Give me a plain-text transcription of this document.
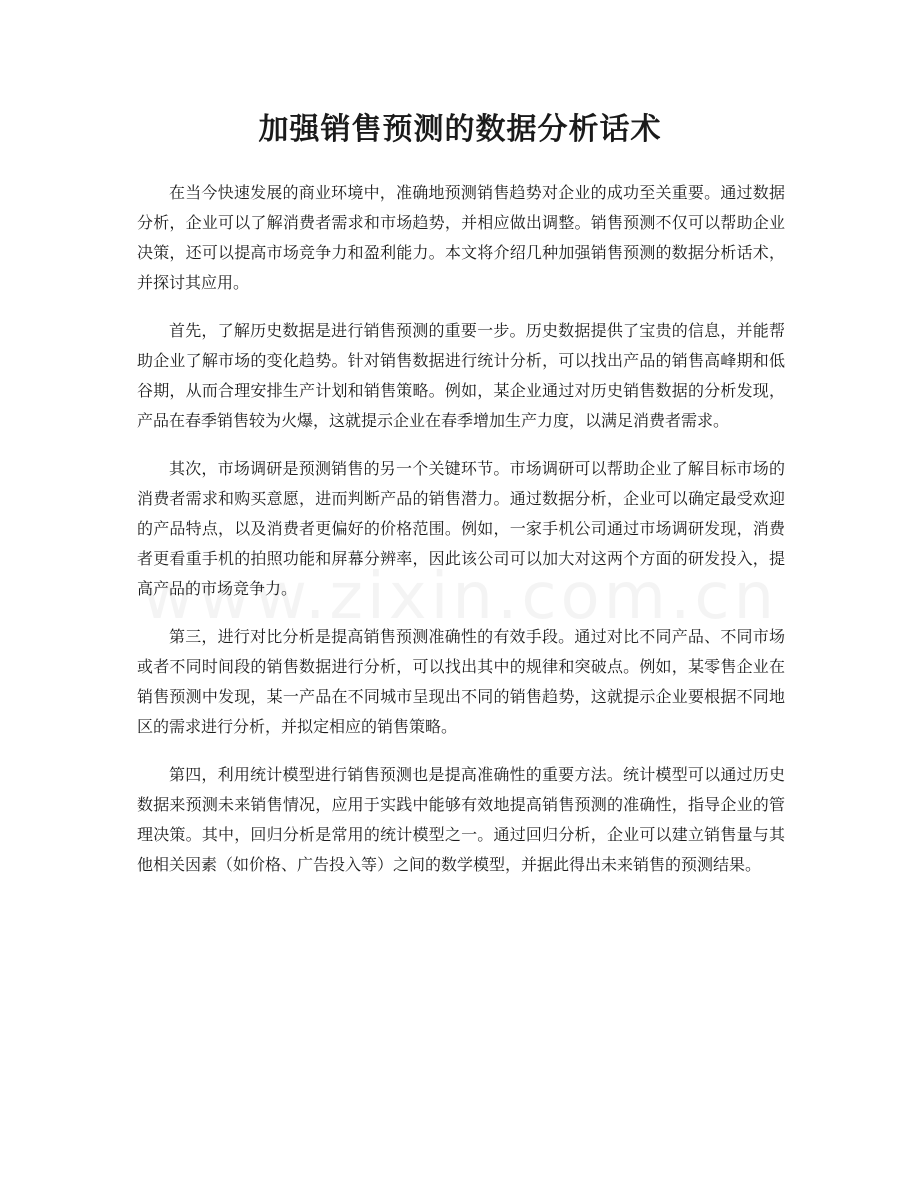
加强销售预测的数据分析话术

在当今快速发展的商业环境中，准确地预测销售趋势对企业的成功至关重要。通过数据分析，企业可以了解消费者需求和市场趋势，并相应做出调整。销售预测不仅可以帮助企业决策，还可以提高市场竞争力和盈利能力。本文将介绍几种加强销售预测的数据分析话术，并探讨其应用。

首先，了解历史数据是进行销售预测的重要一步。历史数据提供了宝贵的信息，并能帮助企业了解市场的变化趋势。针对销售数据进行统计分析，可以找出产品的销售高峰期和低谷期，从而合理安排生产计划和销售策略。例如，某企业通过对历史销售数据的分析发现，产品在春季销售较为火爆，这就提示企业在春季增加生产力度，以满足消费者需求。

其次，市场调研是预测销售的另一个关键环节。市场调研可以帮助企业了解目标市场的消费者需求和购买意愿，进而判断产品的销售潜力。通过数据分析，企业可以确定最受欢迎的产品特点，以及消费者更偏好的价格范围。例如，一家手机公司通过市场调研发现，消费者更看重手机的拍照功能和屏幕分辨率，因此该公司可以加大对这两个方面的研发投入，提高产品的市场竞争力。

第三，进行对比分析是提高销售预测准确性的有效手段。通过对比不同产品、不同市场或者不同时间段的销售数据进行分析，可以找出其中的规律和突破点。例如，某零售企业在销售预测中发现，某一产品在不同城市呈现出不同的销售趋势，这就提示企业要根据不同地区的需求进行分析，并拟定相应的销售策略。

第四，利用统计模型进行销售预测也是提高准确性的重要方法。统计模型可以通过历史数据来预测未来销售情况，应用于实践中能够有效地提高销售预测的准确性，指导企业的管理决策。其中，回归分析是常用的统计模型之一。通过回归分析，企业可以建立销售量与其他相关因素（如价格、广告投入等）之间的数学模型，并据此得出未来销售的预测结果。
